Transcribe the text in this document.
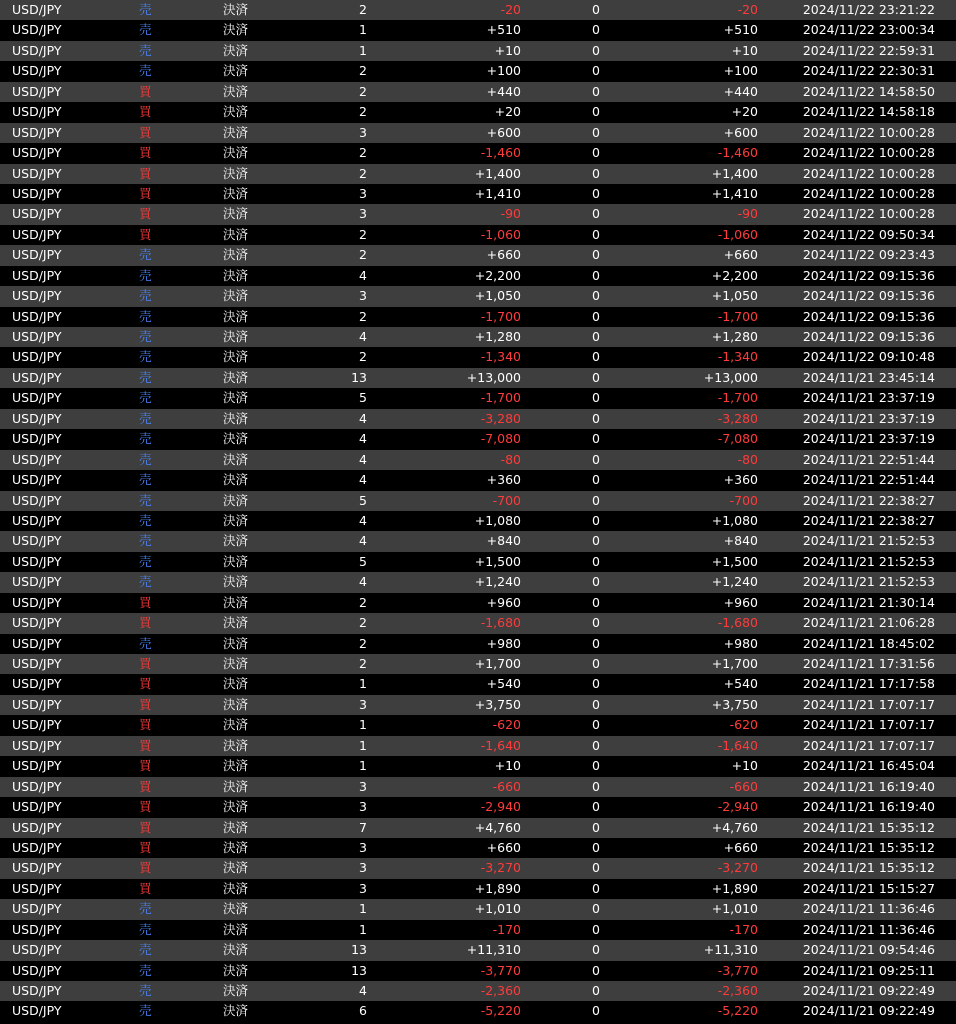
USD/JPY	売	決済	2	-20	0	-20	2024/11/22 23:21:22
USD/JPY	売	決済	1	+510	0	+510	2024/11/22 23:00:34
USD/JPY	売	決済	1	+10	0	+10	2024/11/22 22:59:31
USD/JPY	売	決済	2	+100	0	+100	2024/11/22 22:30:31
USD/JPY	買	決済	2	+440	0	+440	2024/11/22 14:58:50
USD/JPY	買	決済	2	+20	0	+20	2024/11/22 14:58:18
USD/JPY	買	決済	3	+600	0	+600	2024/11/22 10:00:28
USD/JPY	買	決済	2	-1,460	0	-1,460	2024/11/22 10:00:28
USD/JPY	買	決済	2	+1,400	0	+1,400	2024/11/22 10:00:28
USD/JPY	買	決済	3	+1,410	0	+1,410	2024/11/22 10:00:28
USD/JPY	買	決済	3	-90	0	-90	2024/11/22 10:00:28
USD/JPY	買	決済	2	-1,060	0	-1,060	2024/11/22 09:50:34
USD/JPY	売	決済	2	+660	0	+660	2024/11/22 09:23:43
USD/JPY	売	決済	4	+2,200	0	+2,200	2024/11/22 09:15:36
USD/JPY	売	決済	3	+1,050	0	+1,050	2024/11/22 09:15:36
USD/JPY	売	決済	2	-1,700	0	-1,700	2024/11/22 09:15:36
USD/JPY	売	決済	4	+1,280	0	+1,280	2024/11/22 09:15:36
USD/JPY	売	決済	2	-1,340	0	-1,340	2024/11/22 09:10:48
USD/JPY	売	決済	13	+13,000	0	+13,000	2024/11/21 23:45:14
USD/JPY	売	決済	5	-1,700	0	-1,700	2024/11/21 23:37:19
USD/JPY	売	決済	4	-3,280	0	-3,280	2024/11/21 23:37:19
USD/JPY	売	決済	4	-7,080	0	-7,080	2024/11/21 23:37:19
USD/JPY	売	決済	4	-80	0	-80	2024/11/21 22:51:44
USD/JPY	売	決済	4	+360	0	+360	2024/11/21 22:51:44
USD/JPY	売	決済	5	-700	0	-700	2024/11/21 22:38:27
USD/JPY	売	決済	4	+1,080	0	+1,080	2024/11/21 22:38:27
USD/JPY	売	決済	4	+840	0	+840	2024/11/21 21:52:53
USD/JPY	売	決済	5	+1,500	0	+1,500	2024/11/21 21:52:53
USD/JPY	売	決済	4	+1,240	0	+1,240	2024/11/21 21:52:53
USD/JPY	買	決済	2	+960	0	+960	2024/11/21 21:30:14
USD/JPY	買	決済	2	-1,680	0	-1,680	2024/11/21 21:06:28
USD/JPY	売	決済	2	+980	0	+980	2024/11/21 18:45:02
USD/JPY	買	決済	2	+1,700	0	+1,700	2024/11/21 17:31:56
USD/JPY	買	決済	1	+540	0	+540	2024/11/21 17:17:58
USD/JPY	買	決済	3	+3,750	0	+3,750	2024/11/21 17:07:17
USD/JPY	買	決済	1	-620	0	-620	2024/11/21 17:07:17
USD/JPY	買	決済	1	-1,640	0	-1,640	2024/11/21 17:07:17
USD/JPY	買	決済	1	+10	0	+10	2024/11/21 16:45:04
USD/JPY	買	決済	3	-660	0	-660	2024/11/21 16:19:40
USD/JPY	買	決済	3	-2,940	0	-2,940	2024/11/21 16:19:40
USD/JPY	買	決済	7	+4,760	0	+4,760	2024/11/21 15:35:12
USD/JPY	買	決済	3	+660	0	+660	2024/11/21 15:35:12
USD/JPY	買	決済	3	-3,270	0	-3,270	2024/11/21 15:35:12
USD/JPY	買	決済	3	+1,890	0	+1,890	2024/11/21 15:15:27
USD/JPY	売	決済	1	+1,010	0	+1,010	2024/11/21 11:36:46
USD/JPY	売	決済	1	-170	0	-170	2024/11/21 11:36:46
USD/JPY	売	決済	13	+11,310	0	+11,310	2024/11/21 09:54:46
USD/JPY	売	決済	13	-3,770	0	-3,770	2024/11/21 09:25:11
USD/JPY	売	決済	4	-2,360	0	-2,360	2024/11/21 09:22:49
USD/JPY	売	決済	6	-5,220	0	-5,220	2024/11/21 09:22:49
